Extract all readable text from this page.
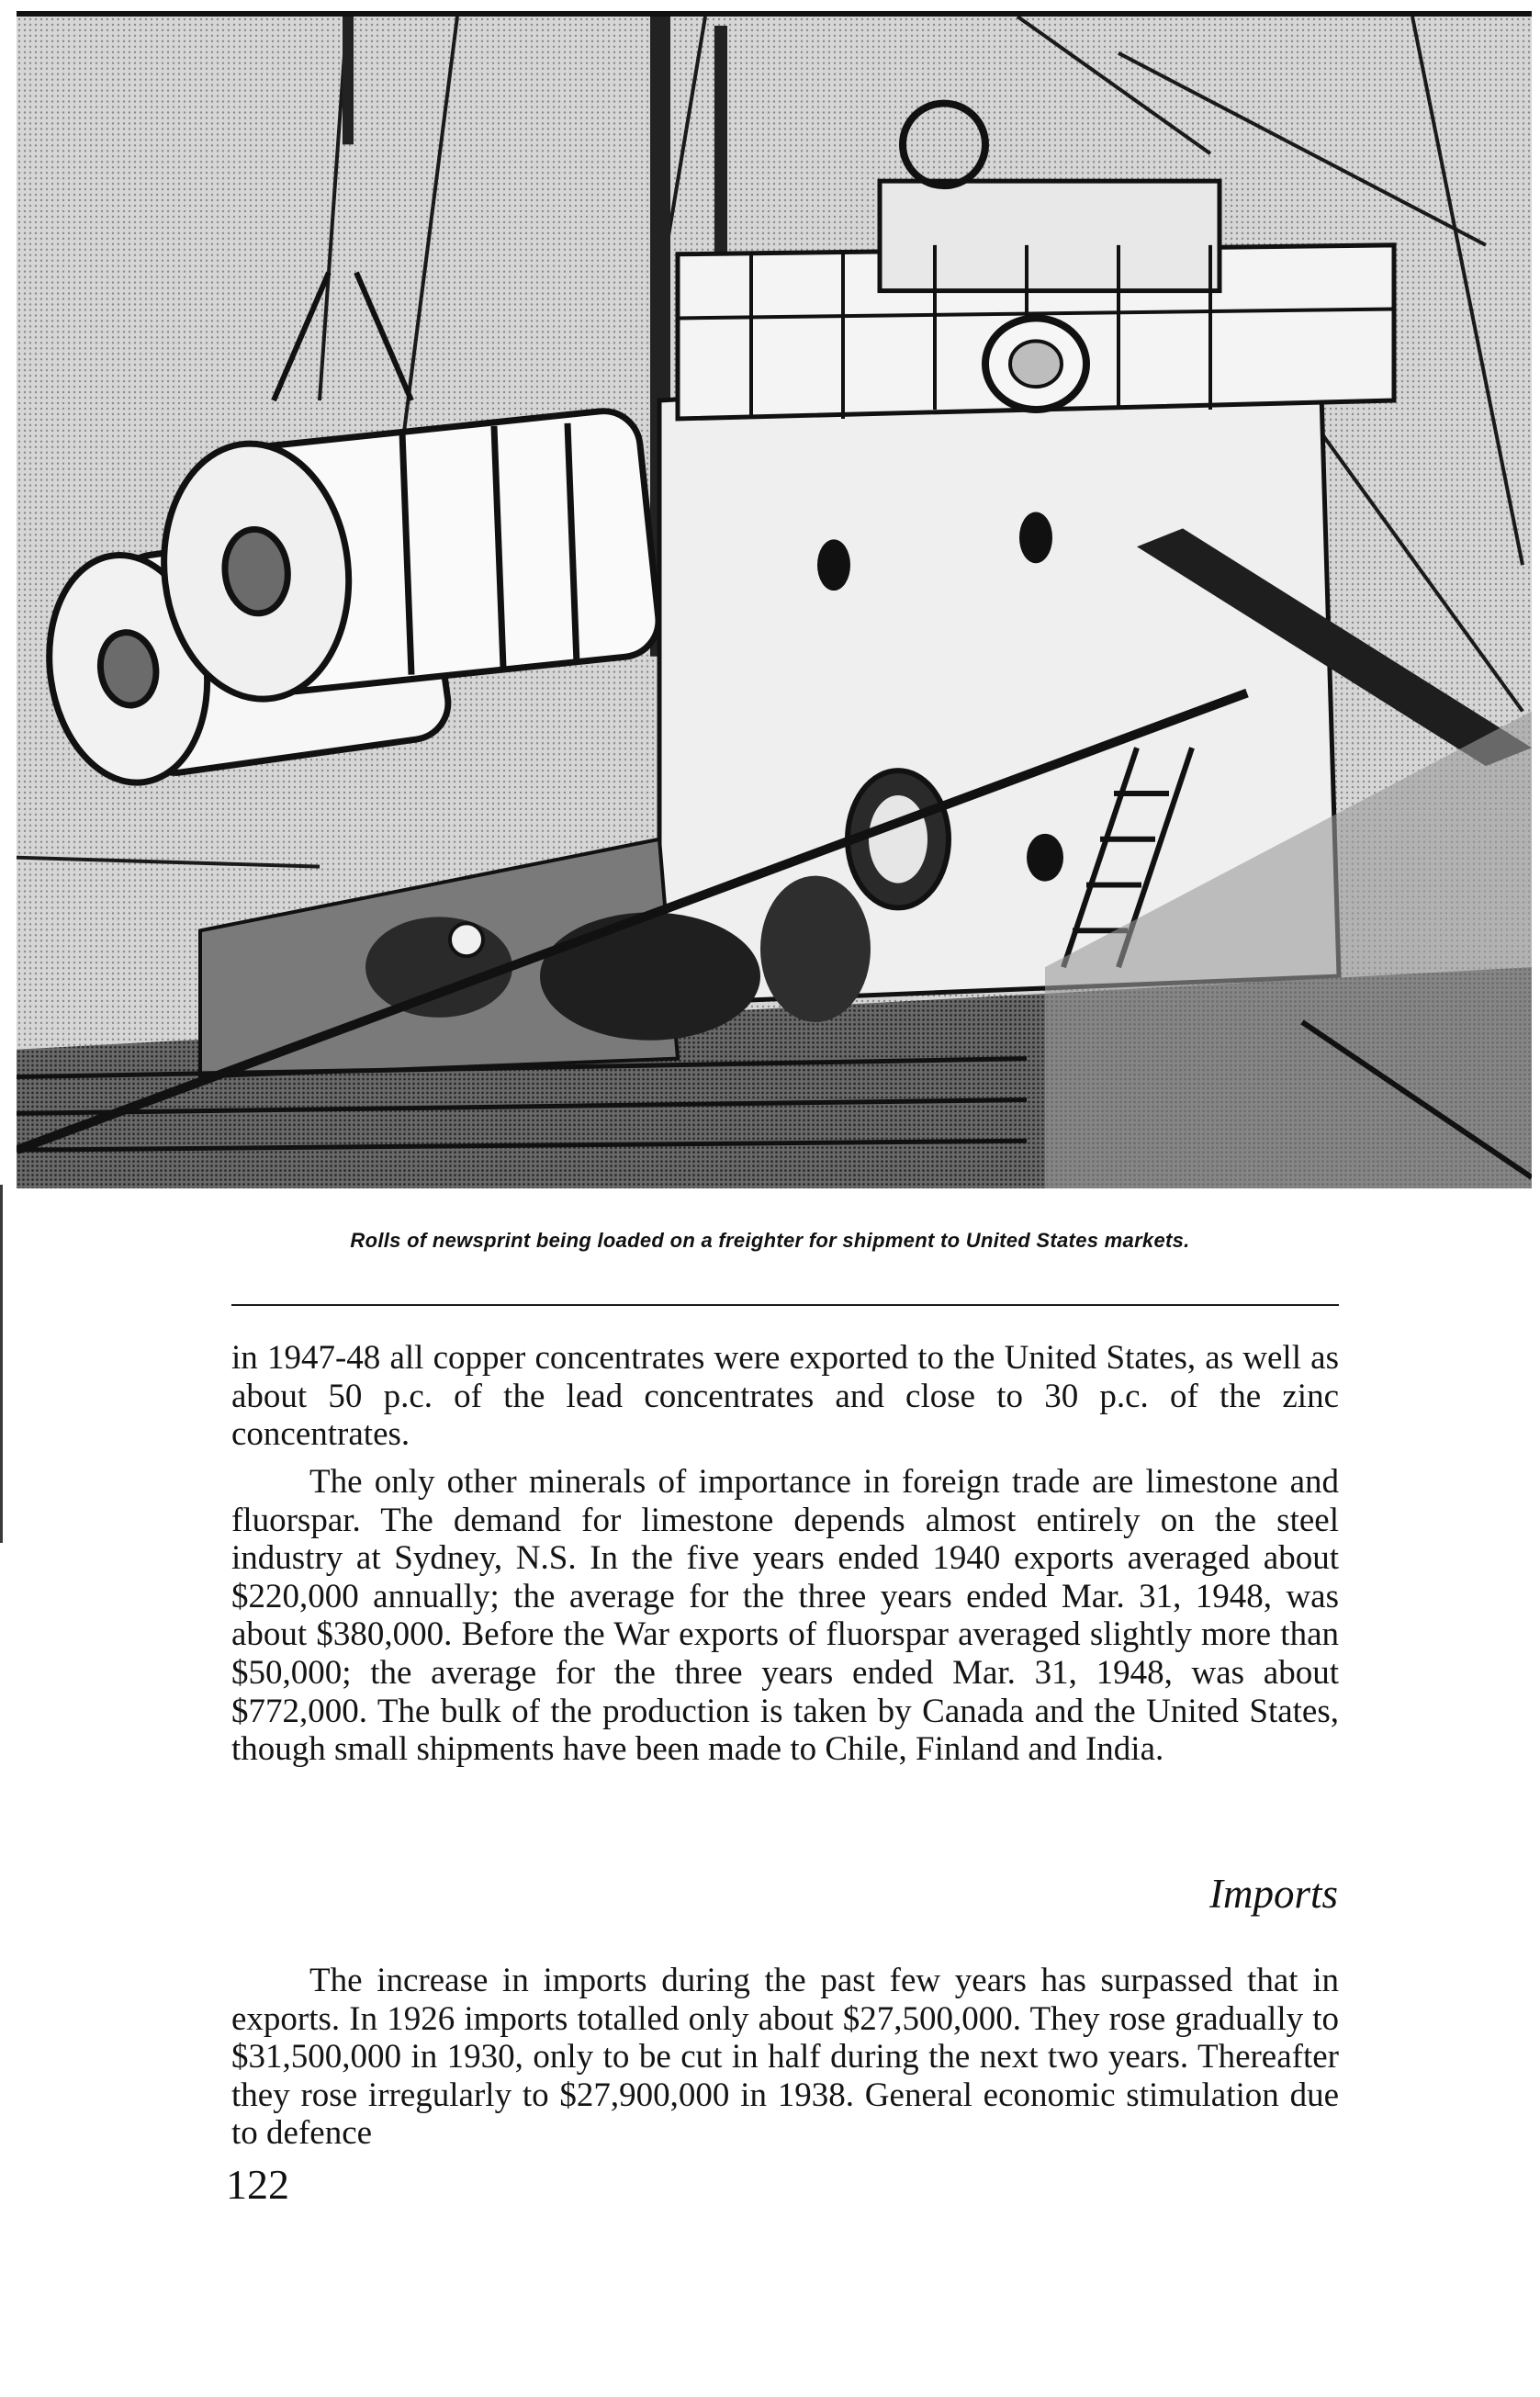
Rolls of newsprint being loaded on a freighter for shipment to United States markets.

in 1947-48 all copper concentrates were exported to the United States, as well as about 50 p.c. of the lead concentrates and close to 30 p.c. of the zinc concentrates.

The only other minerals of importance in foreign trade are limestone and fluorspar. The demand for limestone depends almost entirely on the steel industry at Sydney, N.S. In the five years ended 1940 exports averaged about $220,000 annually; the average for the three years ended Mar. 31, 1948, was about $380,000. Before the War exports of fluorspar averaged slightly more than $50,000; the average for the three years ended Mar. 31, 1948, was about $772,000. The bulk of the production is taken by Canada and the United States, though small shipments have been made to Chile, Finland and India.

Imports

The increase in imports during the past few years has surpassed that in exports. In 1926 imports totalled only about $27,500,000. They rose gradually to $31,500,000 in 1930, only to be cut in half during the next two years. Thereafter they rose irregularly to $27,900,000 in 1938. General economic stimulation due to defence

122
